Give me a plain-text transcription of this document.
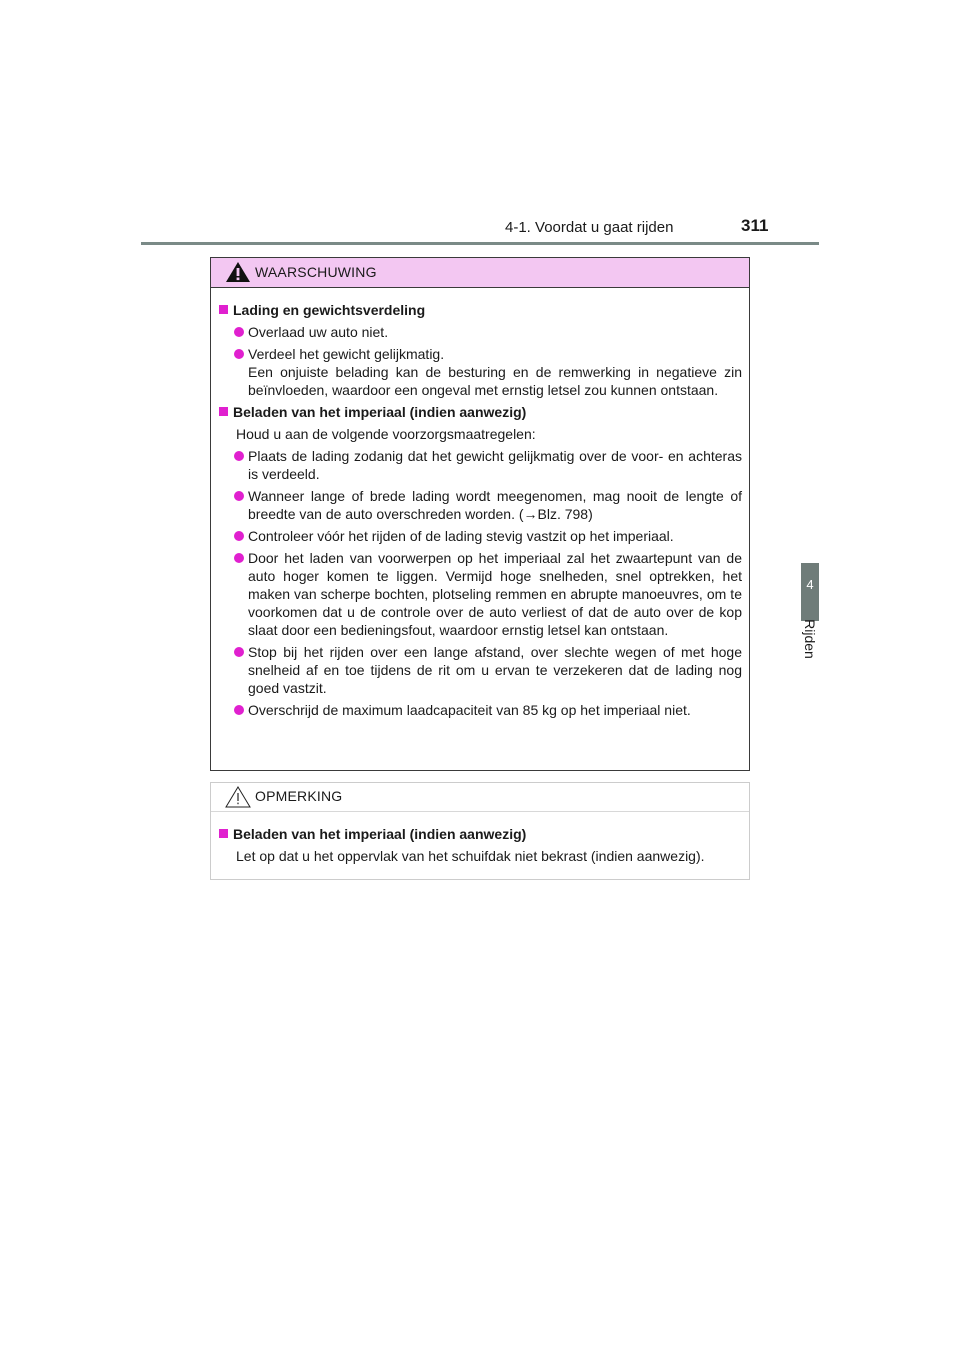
4-1. Voordat u gaat rijden	311
4
Rijden
WAARSCHUWING
Lading en gewichtsverdeling
Overlaad uw auto niet.
Verdeel het gewicht gelijkmatig.
Een onjuiste belading kan de besturing en de remwerking in negatieve zin beïnvloeden, waardoor een ongeval met ernstig letsel zou kunnen ontstaan.
Beladen van het imperiaal (indien aanwezig)
Houd u aan de volgende voorzorgsmaatregelen:
Plaats de lading zodanig dat het gewicht gelijkmatig over de voor- en achteras is verdeeld.
Wanneer lange of brede lading wordt meegenomen, mag nooit de lengte of breedte van de auto overschreden worden. (→Blz. 798)
Controleer vóór het rijden of de lading stevig vastzit op het imperiaal.
Door het laden van voorwerpen op het imperiaal zal het zwaartepunt van de auto hoger komen te liggen. Vermijd hoge snelheden, snel optrekken, het maken van scherpe bochten, plotseling remmen en abrupte manoeuvres, om te voorkomen dat u de controle over de auto verliest of dat de auto over de kop slaat door een bedieningsfout, waardoor ernstig letsel kan ontstaan.
Stop bij het rijden over een lange afstand, over slechte wegen of met hoge snelheid af en toe tijdens de rit om u ervan te verzekeren dat de lading nog goed vastzit.
Overschrijd de maximum laadcapaciteit van 85 kg op het imperiaal niet.
OPMERKING
Beladen van het imperiaal (indien aanwezig)
Let op dat u het oppervlak van het schuifdak niet bekrast (indien aanwezig).
